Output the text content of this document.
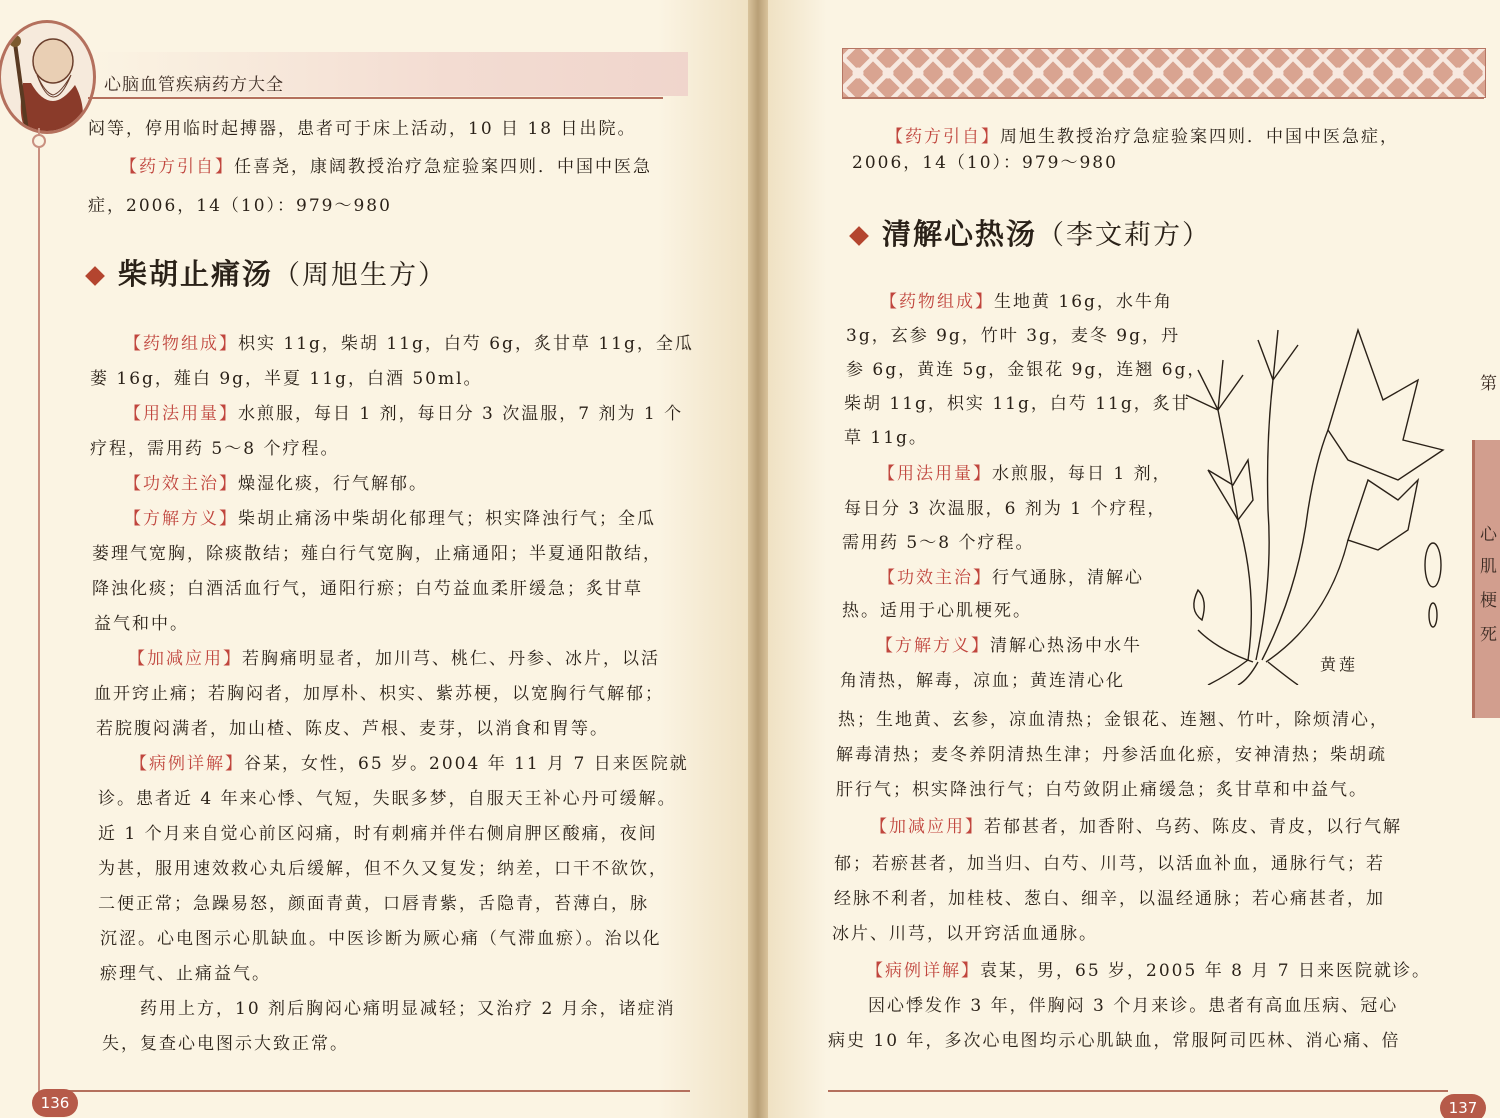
心脑血管疾病药方大全
闷等，停用临时起搏器，患者可于床上活动，10 日 18 日出院。
【药方引自】任喜尧，康阔教授治疗急症验案四则．中国中医急
症，2006，14（10）：979～980
柴胡止痛汤（周旭生方）
【药物组成】枳实 11g，柴胡 11g，白芍 6g，炙甘草 11g，全瓜
蒌 16g，薤白 9g，半夏 11g，白酒 50ml。
【用法用量】水煎服，每日 1 剂，每日分 3 次温服，7 剂为 1 个
疗程，需用药 5～8 个疗程。
【功效主治】燥湿化痰，行气解郁。
【方解方义】柴胡止痛汤中柴胡化郁理气；枳实降浊行气；全瓜
蒌理气宽胸，除痰散结；薤白行气宽胸，止痛通阳；半夏通阳散结，
降浊化痰；白酒活血行气，通阳行瘀；白芍益血柔肝缓急；炙甘草
益气和中。
【加减应用】若胸痛明显者，加川芎、桃仁、丹参、冰片，以活
血开窍止痛；若胸闷者，加厚朴、枳实、紫苏梗，以宽胸行气解郁；
若脘腹闷满者，加山楂、陈皮、芦根、麦芽，以消食和胃等。
【病例详解】谷某，女性，65 岁。2004 年 11 月 7 日来医院就
诊。患者近 4 年来心悸、气短，失眠多梦，自服天王补心丹可缓解。
近 1 个月来自觉心前区闷痛，时有刺痛并伴右侧肩胛区酸痛，夜间
为甚，服用速效救心丸后缓解，但不久又复发；纳差，口干不欲饮，
二便正常；急躁易怒，颜面青黄，口唇青紫，舌隐青，苔薄白，脉
沉涩。心电图示心肌缺血。中医诊断为厥心痛（气滞血瘀）。治以化
瘀理气、止痛益气。
药用上方，10 剂后胸闷心痛明显减轻；又治疗 2 月余，诸症消
失，复查心电图示大致正常。
136
【药方引自】周旭生教授治疗急症验案四则．中国中医急症，
2006，14（10）：979～980
清解心热汤（李文莉方）
【药物组成】生地黄 16g，水牛角
3g，玄参 9g，竹叶 3g，麦冬 9g，丹
参 6g，黄连 5g，金银花 9g，连翘 6g，
柴胡 11g，枳实 11g，白芍 11g，炙甘
草 11g。
【用法用量】水煎服，每日 1 剂，
每日分 3 次温服，6 剂为 1 个疗程，
需用药 5～8 个疗程。
【功效主治】行气通脉，清解心
热。适用于心肌梗死。
【方解方义】清解心热汤中水牛
角清热，解毒，凉血；黄连清心化
热；生地黄、玄参，凉血清热；金银花、连翘、竹叶，除烦清心，
解毒清热；麦冬养阴清热生津；丹参活血化瘀，安神清热；柴胡疏
肝行气；枳实降浊行气；白芍敛阴止痛缓急；炙甘草和中益气。
【加减应用】若郁甚者，加香附、乌药、陈皮、青皮，以行气解
郁；若瘀甚者，加当归、白芍、川芎，以活血补血，通脉行气；若
经脉不利者，加桂枝、葱白、细辛，以温经通脉；若心痛甚者，加
冰片、川芎，以开窍活血通脉。
【病例详解】袁某，男，65 岁，2005 年 8 月 7 日来医院就诊。
因心悸发作 3 年，伴胸闷 3 个月来诊。患者有高血压病、冠心
病史 10 年，多次心电图均示心肌缺血，常服阿司匹林、消心痛、倍
黄莲
第
心
肌
梗
死
137
